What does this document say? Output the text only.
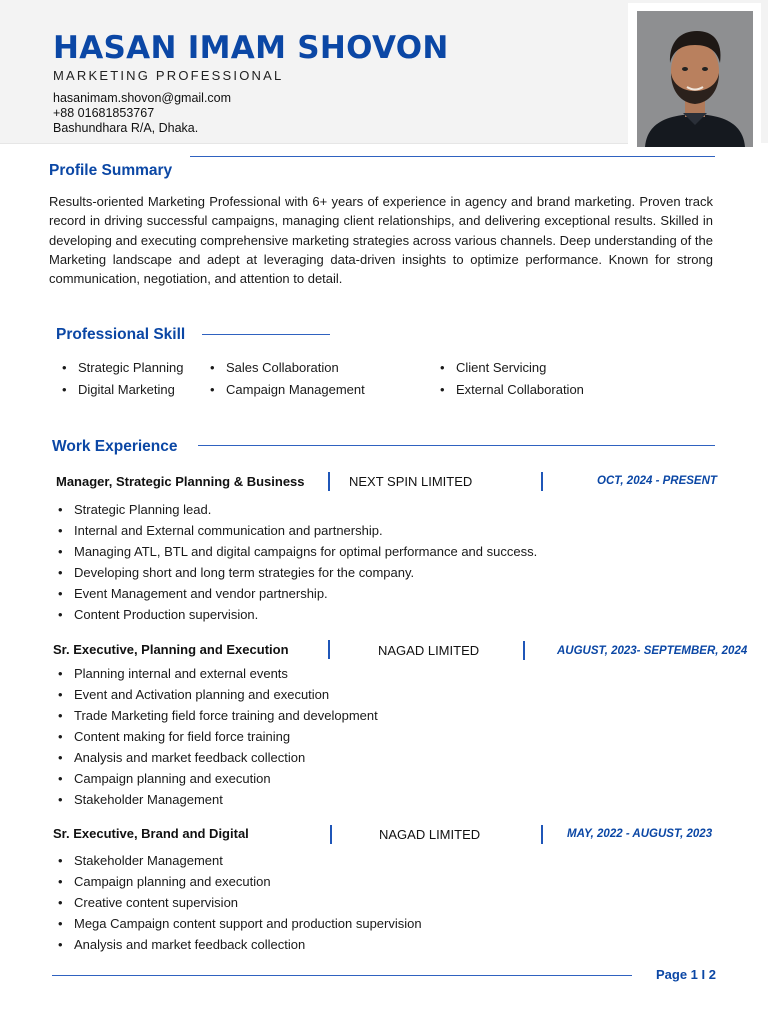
HASAN IMAM SHOVON
MARKETING PROFESSIONAL
hasanimam.shovon@gmail.com
+88 01681853767
Bashundhara R/A, Dhaka.
Profile Summary

Results-oriented Marketing Professional with 6+ years of experience in agency and brand marketing. Proven track record in driving successful campaigns, managing client relationships, and delivering exceptional results. Skilled in developing and executing comprehensive marketing strategies across various channels. Deep understanding of the Marketing landscape and adept at leveraging data-driven insights to optimize performance. Known for strong communication, negotiation, and attention to detail.

Professional Skill
• Strategic Planning
• Digital Marketing
• Sales Collaboration
• Campaign Management
• Client Servicing
• External Collaboration
Work Experience
Manager, Strategic Planning & Business	NEXT SPIN LIMITED	OCT, 2024 - PRESENT
• Strategic Planning lead.
• Internal and External communication and partnership.
• Managing ATL, BTL and digital campaigns for optimal performance and success.
• Developing short and long term strategies for the company.
• Event Management and vendor partnership.
• Content Production supervision.
Sr. Executive, Planning and Execution	NAGAD LIMITED	AUGUST, 2023- SEPTEMBER, 2024
• Planning internal and external events
• Event and Activation planning and execution
• Trade Marketing field force training and development
• Content making for field force training
• Analysis and market feedback collection
• Campaign planning and execution
• Stakeholder Management
Sr. Executive, Brand and Digital	NAGAD LIMITED	MAY, 2022 - AUGUST, 2023
• Stakeholder Management
• Campaign planning and execution
• Creative content supervision
• Mega Campaign content support and production supervision
• Analysis and market feedback collection
Page 1 I 2
